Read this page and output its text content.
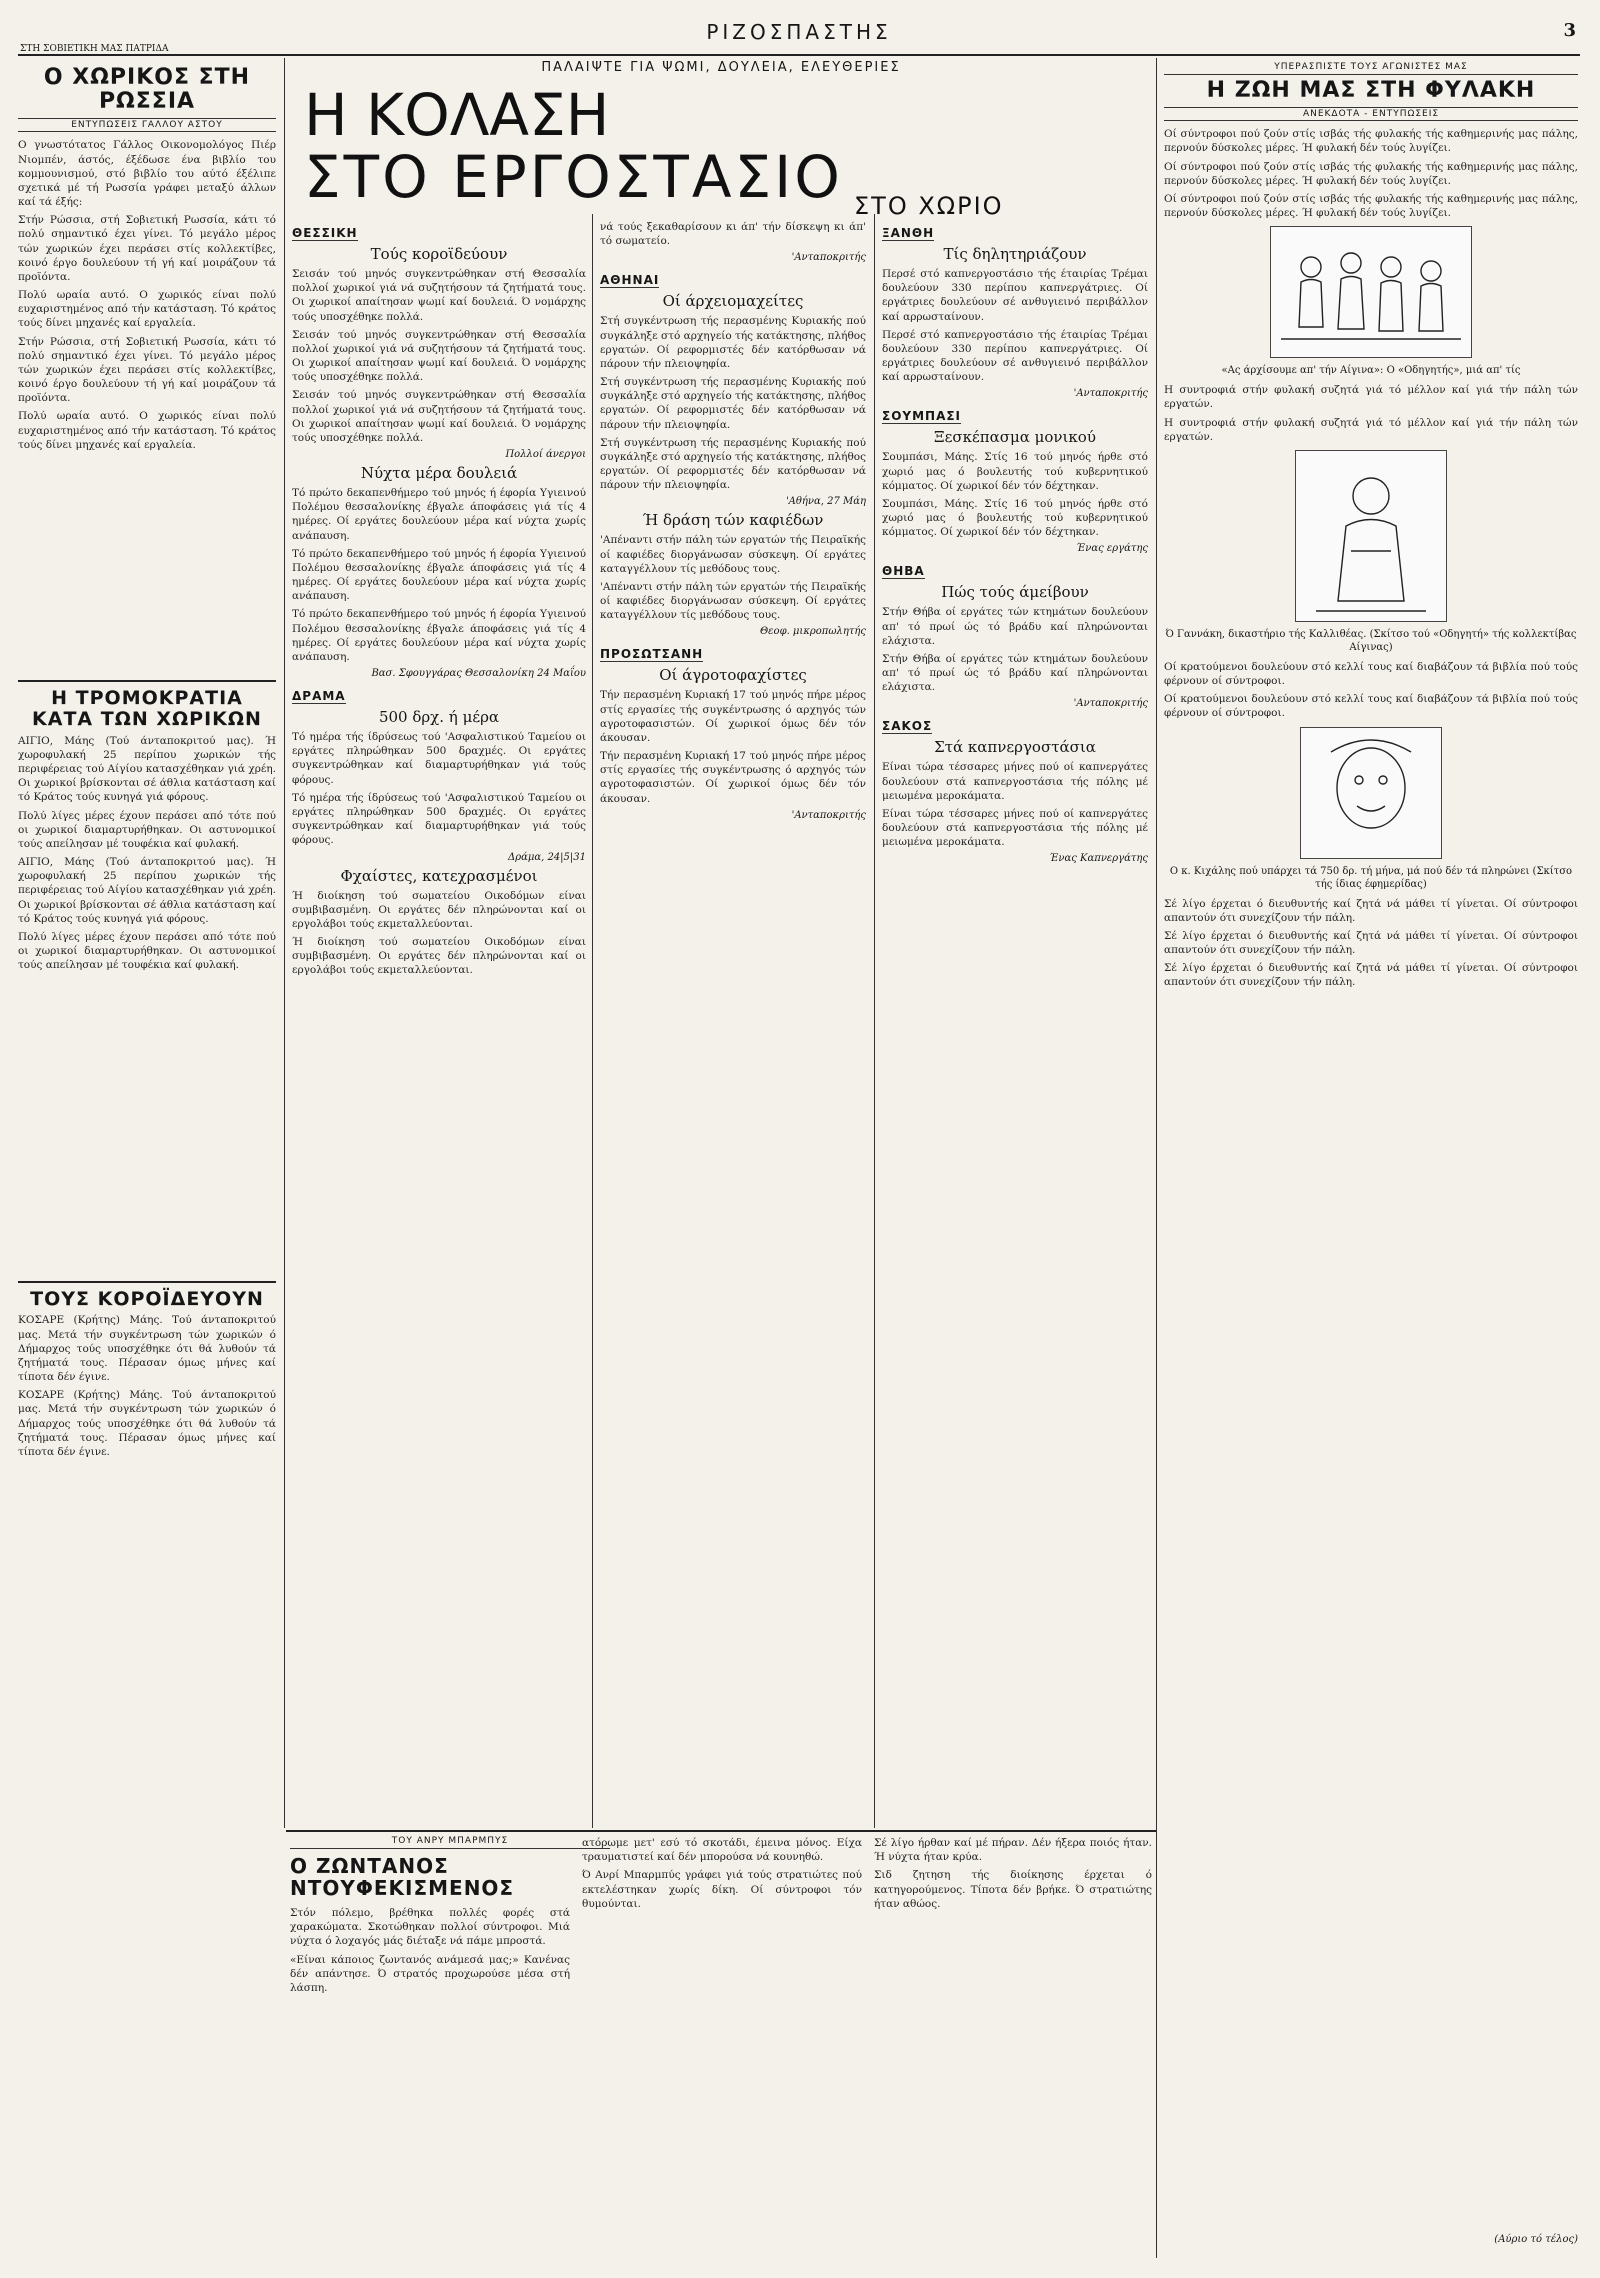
ΡΙΖΟΣΠΑΣΤΗΣ	3
ΣΤΗ ΣΟΒΙΕΤΙΚΗ ΜΑΣ ΠΑΤΡΙΔΑ
Ο ΧΩΡΙΚΟΣ ΣΤΗ ΡΩΣΣΙΑ
ΕΝΤΥΠΩΣΕΙΣ ΓΑΛΛΟΥ ΑΣΤΟΥ

Ο γνωστότατος Γάλλος Οικονομολόγος Πιέρ Νιομπέν, άστός, έξέδωσε ένα βιβλίο του κομμουνισμού, στό βιβλίο του αύτό έξέλιπε σχετικά μέ τή Ρωσσία γράφει μεταξύ άλλων καί τά έξής:

Στήν Ρώσσια, στή Σοβιετική Ρωσσία, κάτι τό πολύ σημαντικό έχει γίνει. Τό μεγάλο μέρος τών χωρικών έχει περάσει στίς κολλεκτίβες, κοινό έργο δουλεύουν τή γή καί μοιράζουν τά προϊόντα.

Πολύ ωραία αυτό. Ο χωρικός είναι πολύ ευχαριστημένος από τήν κατάσταση. Τό κράτος τούς δίνει μηχανές καί εργαλεία.

Στήν Ρώσσια, στή Σοβιετική Ρωσσία, κάτι τό πολύ σημαντικό έχει γίνει. Τό μεγάλο μέρος τών χωρικών έχει περάσει στίς κολλεκτίβες, κοινό έργο δουλεύουν τή γή καί μοιράζουν τά προϊόντα.

Πολύ ωραία αυτό. Ο χωρικός είναι πολύ ευχαριστημένος από τήν κατάσταση. Τό κράτος τούς δίνει μηχανές καί εργαλεία.

Η ΤΡΟΜΟΚΡΑΤΙΑ ΚΑΤΑ ΤΩΝ ΧΩΡΙΚΩΝ

ΑΙΓΙΟ, Μάης (Τού άνταποκριτού μας). Ή χωροφυλακή 25 περίπου χωρικών τής περιφέρειας τού Αίγίου κατασχέθηκαν γιά χρέη. Οι χωρικοί βρίσκονται σέ άθλια κατάσταση καί τό Κράτος τούς κυνηγά γιά φόρους.

Πολύ λίγες μέρες έχουν περάσει από τότε πού οι χωρικοί διαμαρτυρήθηκαν. Οι αστυνομικοί τούς απείλησαν μέ τουφέκια καί φυλακή.

ΑΙΓΙΟ, Μάης (Τού άνταποκριτού μας). Ή χωροφυλακή 25 περίπου χωρικών τής περιφέρειας τού Αίγίου κατασχέθηκαν γιά χρέη. Οι χωρικοί βρίσκονται σέ άθλια κατάσταση καί τό Κράτος τούς κυνηγά γιά φόρους.

Πολύ λίγες μέρες έχουν περάσει από τότε πού οι χωρικοί διαμαρτυρήθηκαν. Οι αστυνομικοί τούς απείλησαν μέ τουφέκια καί φυλακή.

ΤΟΥΣ ΚΟΡΟΪΔΕΥΟΥΝ

ΚΟΣΑΡΕ (Κρήτης) Μάης. Τού άνταποκριτού μας. Μετά τήν συγκέντρωση τών χωρικών ό Δήμαρχος τούς υποσχέθηκε ότι θά λυθούν τά ζητήματά τους. Πέρασαν όμως μήνες καί τίποτα δέν έγινε.

ΚΟΣΑΡΕ (Κρήτης) Μάης. Τού άνταποκριτού μας. Μετά τήν συγκέντρωση τών χωρικών ό Δήμαρχος τούς υποσχέθηκε ότι θά λυθούν τά ζητήματά τους. Πέρασαν όμως μήνες καί τίποτα δέν έγινε.

ΠΑΛΑΙΨΤΕ ΓΙΑ ΨΩΜΙ, ΔΟΥΛΕΙΑ, ΕΛΕΥΘΕΡΙΕΣ
Η ΚΟΛΑΣΗ
ΣΤΟ ΕΡΓΟΣΤΑΣΙΟ ΣΤΟ ΧΩΡΙΟ
ΘΕΣΣΙΚΗ
Τούς κοροϊδεύουν

Σεισάν τού μηνός συγκεντρώθηκαν στή Θεσσαλία πολλοί χωρικοί γιά νά συζητήσουν τά ζητήματά τους. Οι χωρικοί απαίτησαν ψωμί καί δουλειά. Ό νομάρχης τούς υποσχέθηκε πολλά.

Σεισάν τού μηνός συγκεντρώθηκαν στή Θεσσαλία πολλοί χωρικοί γιά νά συζητήσουν τά ζητήματά τους. Οι χωρικοί απαίτησαν ψωμί καί δουλειά. Ό νομάρχης τούς υποσχέθηκε πολλά.

Σεισάν τού μηνός συγκεντρώθηκαν στή Θεσσαλία πολλοί χωρικοί γιά νά συζητήσουν τά ζητήματά τους. Οι χωρικοί απαίτησαν ψωμί καί δουλειά. Ό νομάρχης τούς υποσχέθηκε πολλά.

Πολλοί άνεργοι
Νύχτα μέρα δουλειά

Τό πρώτο δεκαπενθήμερο τού μηνός ή έφορία Υγιεινού Πολέμου θεσσαλονίκης έβγαλε άποφάσεις γιά τίς 4 ημέρες. Οί εργάτες δουλεύουν μέρα καί νύχτα χωρίς ανάπαυση.

Τό πρώτο δεκαπενθήμερο τού μηνός ή έφορία Υγιεινού Πολέμου θεσσαλονίκης έβγαλε άποφάσεις γιά τίς 4 ημέρες. Οί εργάτες δουλεύουν μέρα καί νύχτα χωρίς ανάπαυση.

Τό πρώτο δεκαπενθήμερο τού μηνός ή έφορία Υγιεινού Πολέμου θεσσαλονίκης έβγαλε άποφάσεις γιά τίς 4 ημέρες. Οί εργάτες δουλεύουν μέρα καί νύχτα χωρίς ανάπαυση.

Βασ. Σφουγγάρας Θεσσαλονίκη 24 Μαΐου
ΔΡΑΜΑ
500 δρχ. ή μέρα

Τό ημέρα τής ίδρύσεως τού 'Ασφαλιστικού Ταμείου οι εργάτες πληρώθηκαν 500 δραχμές. Οι εργάτες συγκεντρώθηκαν καί διαμαρτυρήθηκαν γιά τούς φόρους.

Τό ημέρα τής ίδρύσεως τού 'Ασφαλιστικού Ταμείου οι εργάτες πληρώθηκαν 500 δραχμές. Οι εργάτες συγκεντρώθηκαν καί διαμαρτυρήθηκαν γιά τούς φόρους.

Δράμα, 24|5|31
Φχαίστες, κατεχρασμένοι

Ή διοίκηση τού σωματείου Οικοδόμων είναι συμβιβασμένη. Οι εργάτες δέν πληρώνονται καί οι εργολάβοι τούς εκμεταλλεύονται.

Ή διοίκηση τού σωματείου Οικοδόμων είναι συμβιβασμένη. Οι εργάτες δέν πληρώνονται καί οι εργολάβοι τούς εκμεταλλεύονται.

νά τούς ξεκαθαρίσουν κι άπ' τήν δίσκεψη κι άπ' τό σωματείο.

'Ανταποκριτής
ΑΘΗΝΑΙ
Οί άρχειομαχείτες

Στή συγκέντρωση τής περασμένης Κυριακής πού συγκάληξε στό αρχηγείο τής κατάκτησης, πλήθος εργατών. Οί ρεφορμιστές δέν κατόρθωσαν νά πάρουν τήν πλειοψηφία.

Στή συγκέντρωση τής περασμένης Κυριακής πού συγκάληξε στό αρχηγείο τής κατάκτησης, πλήθος εργατών. Οί ρεφορμιστές δέν κατόρθωσαν νά πάρουν τήν πλειοψηφία.

Στή συγκέντρωση τής περασμένης Κυριακής πού συγκάληξε στό αρχηγείο τής κατάκτησης, πλήθος εργατών. Οί ρεφορμιστές δέν κατόρθωσαν νά πάρουν τήν πλειοψηφία.

'Αθήνα, 27 Μάη
Ή δράση τών καφιέδων

'Απέναντι στήν πάλη τών εργατών τής Πειραϊκής οί καφιέδες διοργάνωσαν σύσκεψη. Οί εργάτες καταγγέλλουν τίς μεθόδους τους.

'Απέναντι στήν πάλη τών εργατών τής Πειραϊκής οί καφιέδες διοργάνωσαν σύσκεψη. Οί εργάτες καταγγέλλουν τίς μεθόδους τους.

Θεοφ. μικροπωλητής
ΠΡΟΣΩΤΣΑΝΗ
Οί άγροτοφαχίστες

Τήν περασμένη Κυριακή 17 τού μηνός πήρε μέρος στίς εργασίες τής συγκέντρωσης ό αρχηγός τών αγροτοφασιστών. Οί χωρικοί όμως δέν τόν άκουσαν.

Τήν περασμένη Κυριακή 17 τού μηνός πήρε μέρος στίς εργασίες τής συγκέντρωσης ό αρχηγός τών αγροτοφασιστών. Οί χωρικοί όμως δέν τόν άκουσαν.

'Ανταποκριτής
ΞΑΝΘΗ
Τίς δηλητηριάζουν

Περσέ στό καπνεργοστάσιο τής έταιρίας Τρέμαι δουλεύουν 330 περίπου καπνεργάτριες. Οί εργάτριες δουλεύουν σέ ανθυγιεινό περιβάλλον καί αρρωσταίνουν.

Περσέ στό καπνεργοστάσιο τής έταιρίας Τρέμαι δουλεύουν 330 περίπου καπνεργάτριες. Οί εργάτριες δουλεύουν σέ ανθυγιεινό περιβάλλον καί αρρωσταίνουν.

'Ανταποκριτής
ΣΟΥΜΠΑΣΙ
Ξεσκέπασμα μονικού

Σουμπάσι, Μάης. Στίς 16 τού μηνός ήρθε στό χωριό μας ό βουλευτής τού κυβερνητικού κόμματος. Οί χωρικοί δέν τόν δέχτηκαν.

Σουμπάσι, Μάης. Στίς 16 τού μηνός ήρθε στό χωριό μας ό βουλευτής τού κυβερνητικού κόμματος. Οί χωρικοί δέν τόν δέχτηκαν.

Ένας εργάτης
ΘΗΒΑ
Πώς τούς άμείβουν

Στήν Θήβα οί εργάτες τών κτημάτων δουλεύουν απ' τό πρωί ώς τό βράδυ καί πληρώνονται ελάχιστα.

Στήν Θήβα οί εργάτες τών κτημάτων δουλεύουν απ' τό πρωί ώς τό βράδυ καί πληρώνονται ελάχιστα.

'Ανταποκριτής
ΣΑΚΟΣ
Στά καπνεργοστάσια

Είναι τώρα τέσσαρες μήνες πού οί καπνεργάτες δουλεύουν στά καπνεργοστάσια τής πόλης μέ μειωμένα μεροκάματα.

Είναι τώρα τέσσαρες μήνες πού οί καπνεργάτες δουλεύουν στά καπνεργοστάσια τής πόλης μέ μειωμένα μεροκάματα.

Ένας Καπνεργάτης
ΥΠΕΡΑΣΠΙΣΤΕ ΤΟΥΣ ΑΓΩΝΙΣΤΕΣ ΜΑΣ
Η ΖΩΗ ΜΑΣ ΣΤΗ ΦΥΛΑΚΗ
ΑΝΕΚΔΟΤΑ - ΕΝΤΥΠΩΣΕΙΣ

Οί σύντροφοι πού ζούν στίς ισβάς τής φυλακής τής καθημερινής μας πάλης, περνούν δύσκολες μέρες. Ή φυλακή δέν τούς λυγίζει.

Οί σύντροφοι πού ζούν στίς ισβάς τής φυλακής τής καθημερινής μας πάλης, περνούν δύσκολες μέρες. Ή φυλακή δέν τούς λυγίζει.

Οί σύντροφοι πού ζούν στίς ισβάς τής φυλακής τής καθημερινής μας πάλης, περνούν δύσκολες μέρες. Ή φυλακή δέν τούς λυγίζει.

«Ας άρχίσουμε απ' τήν Αίγινα»: Ο «Οδηγητής», μιά απ' τίς

Η συντροφιά στήν φυλακή συζητά γιά τό μέλλον καί γιά τήν πάλη τών εργατών.

Η συντροφιά στήν φυλακή συζητά γιά τό μέλλον καί γιά τήν πάλη τών εργατών.

Ό Γαννάκη, δικαστήριο τής Καλλιθέας. (Σκίτσο τού «Οδηγητή» τής κολλεκτίβας Αίγινας)

Οί κρατούμενοι δουλεύουν στό κελλί τους καί διαβάζουν τά βιβλία πού τούς φέρνουν οί σύντροφοι.

Οί κρατούμενοι δουλεύουν στό κελλί τους καί διαβάζουν τά βιβλία πού τούς φέρνουν οί σύντροφοι.

Ο κ. Κιχάλης πού υπάρχει τά 750 δρ. τή μήνα, μά πού δέν τά πληρώνει (Σκίτσο τής ίδιας έφημερίδας)

Σέ λίγο έρχεται ό διευθυντής καί ζητά νά μάθει τί γίνεται. Οί σύντροφοι απαντούν ότι συνεχίζουν τήν πάλη.

Σέ λίγο έρχεται ό διευθυντής καί ζητά νά μάθει τί γίνεται. Οί σύντροφοι απαντούν ότι συνεχίζουν τήν πάλη.

Σέ λίγο έρχεται ό διευθυντής καί ζητά νά μάθει τί γίνεται. Οί σύντροφοι απαντούν ότι συνεχίζουν τήν πάλη.

ΤΟΥ ΑΝΡΥ ΜΠΑΡΜΠΥΣ
Ο ΖΩΝΤΑΝΟΣ ΝΤΟΥΦΕΚΙΣΜΕΝΟΣ

Στόν πόλεμο, βρέθηκα πολλές φορές στά χαρακώματα. Σκοτώθηκαν πολλοί σύντροφοι. Μιά νύχτα ό λοχαγός μάς διέταξε νά πάμε μπροστά.

«Είναι κάποιος ζωντανός ανάμεσά μας;» Κανένας δέν απάντησε. Ό στρατός προχωρούσε μέσα στή λάσπη.

ατόρωμε μετ' εσύ τό σκοτάδι, έμεινα μόνος. Είχα τραυματιστεί καί δέν μπορούσα νά κουνηθώ.

Ό Ανρί Μπαρμπύς γράφει γιά τούς στρατιώτες πού εκτελέστηκαν χωρίς δίκη. Οί σύντροφοι τόν θυμούνται.

Σέ λίγο ήρθαν καί μέ πήραν. Δέν ήξερα ποιός ήταν. Ή νύχτα ήταν κρύα.

Σιδ ζητηση τής διοίκησης έρχεται ό κατηγορούμενος. Τίποτα δέν βρήκε. Ό στρατιώτης ήταν αθώος.

(Αύριο τό τέλος)
